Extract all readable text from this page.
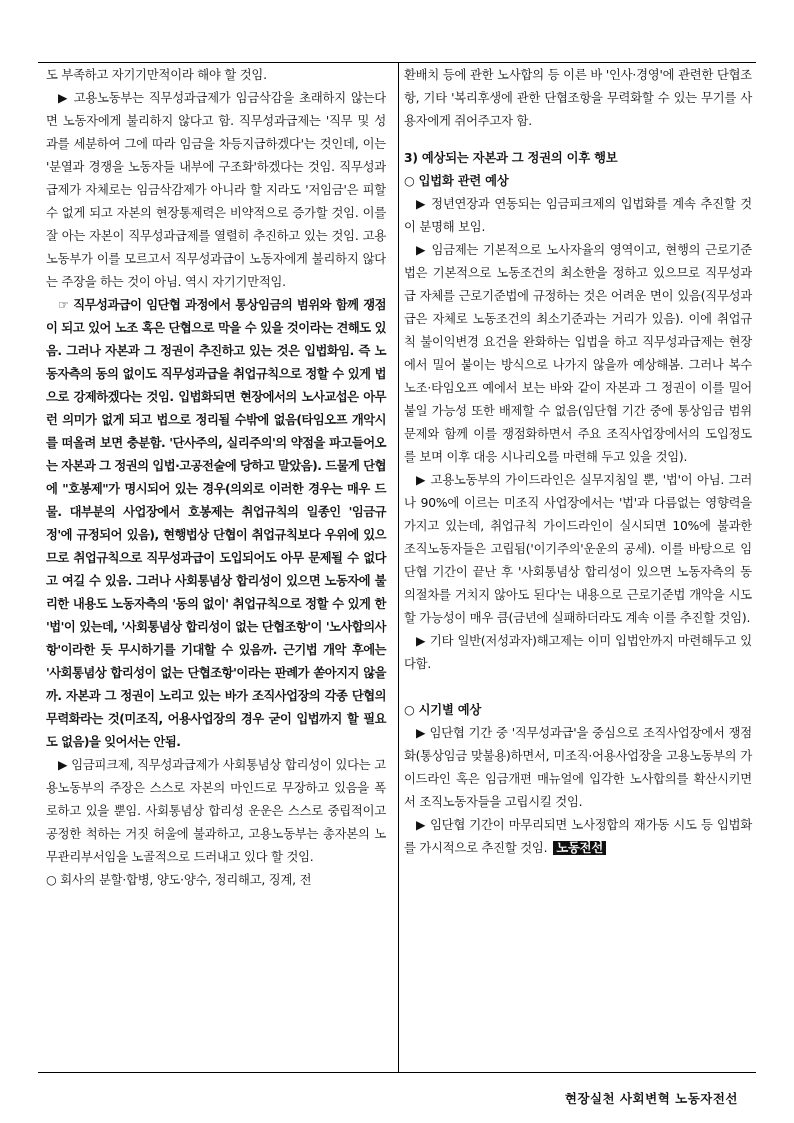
도 부족하고 자기기만적이라 해야 할 것임.

▶ 고용노동부는 직무성과급제가 임금삭감을 초래하지 않는다면 노동자에게 불리하지 않다고 함. 직무성과급제는 '직무 및 성과를 세분하여 그에 따라 임금을 차등지급하겠다'는 것인데, 이는 '분열과 경쟁을 노동자들 내부에 구조화'하겠다는 것임. 직무성과급제가 자체로는 임금삭감제가 아니라 할 지라도 '저임금'은 피할 수 없게 되고 자본의 현장통제력은 비약적으로 증가할 것임. 이를 잘 아는 자본이 직무성과급제를 열렬히 추진하고 있는 것임. 고용노동부가 이를 모르고서 직무성과급이 노동자에게 불리하지 않다는 주장을 하는 것이 아님. 역시 자기기만적임.

☞ 직무성과급이 임단협 과정에서 통상임금의 범위와 함께 쟁점이 되고 있어 노조 혹은 단협으로 막을 수 있을 것이라는 견해도 있음. 그러나 자본과 그 정권이 추진하고 있는 것은 입법화임. 즉 노동자측의 동의 없이도 직무성과급을 취업규칙으로 정할 수 있게 법으로 강제하겠다는 것임. 입법화되면 현장에서의 노사교섭은 아무런 의미가 없게 되고 법으로 정리될 수밖에 없음(타임오프 개악시를 떠올려 보면 충분함. '단사주의, 실리주의'의 약점을 파고들어오는 자본과 그 정권의 입법·고공전술에 당하고 말았음). 드물게 단협에 "호봉제"가 명시되어 있는 경우(의외로 이러한 경우는 매우 드물. 대부분의 사업장에서 호봉제는 취업규칙의 일종인 '임금규정'에 규정되어 있음), 현행법상 단협이 취업규칙보다 우위에 있으므로 취업규칙으로 직무성과급이 도입되어도 아무 문제될 수 없다고 여길 수 있음. 그러나 사회통념상 합리성이 있으면 노동자에 불리한 내용도 노동자측의 '동의 없이' 취업규칙으로 정할 수 있게 한 '법'이 있는데, '사회통념상 합리성이 없는 단협조항'이 '노사합의사항'이라한 듯 무시하기를 기대할 수 있음까. 근기법 개악 후에는 '사회통념상 합리성이 없는 단협조항'이라는 판례가 쏟아지지 않을까. 자본과 그 정권이 노리고 있는 바가 조직사업장의 각종 단협의 무력화라는 것(미조직, 어용사업장의 경우 굳이 입법까지 할 필요도 없음)을 잊어서는 안됨.

▶ 임금피크제, 직무성과급제가 사회통념상 합리성이 있다는 고용노동부의 주장은 스스로 자본의 마인드로 무장하고 있음을 폭로하고 있을 뿐임. 사회통념상 합리성 운운은 스스로 중립적이고 공정한 척하는 거짓 허울에 불과하고, 고용노동부는 총자본의 노무관리부서임을 노골적으로 드러내고 있다 할 것임.

○ 회사의 분할·합병, 양도·양수, 정리해고, 징계, 전

환배치 등에 관한 노사합의 등 이른 바 '인사·경영'에 관련한 단협조항, 기타 '복리후생에 관한 단협조항을 무력화할 수 있는 무기를 사용자에게 쥐어주고자 함.

3) 예상되는 자본과 그 정권의 이후 행보

○ 입법화 관련 예상

▶ 정년연장과 연동되는 임금피크제의 입법화를 계속 추진할 것이 분명해 보임.

▶ 임금제는 기본적으로 노사자율의 영역이고, 현행의 근로기준법은 기본적으로 노동조건의 최소한을 정하고 있으므로 직무성과급 자체를 근로기준법에 규정하는 것은 어려운 면이 있음(직무성과급은 자체로 노동조건의 최소기준과는 거리가 있음). 이에 취업규칙 불이익변경 요건을 완화하는 입법을 하고 직무성과급제는 현장에서 밀어 붙이는 방식으로 나가지 않을까 예상해봄. 그러나 복수노조·타임오프 예에서 보는 바와 같이 자본과 그 정권이 이를 밀어붙일 가능성 또한 배제할 수 없음(임단협 기간 중에 통상임금 범위 문제와 함께 이를 쟁점화하면서 주요 조직사업장에서의 도입정도를 보며 이후 대응 시나리오를 마련해 두고 있을 것임).

▶ 고용노동부의 가이드라인은 실무지침일 뿐, '법'이 아님. 그러나 90%에 이르는 미조직 사업장에서는 '법'과 다름없는 영향력을 가지고 있는데, 취업규칙 가이드라인이 실시되면 10%에 불과한 조직노동자들은 고립됨('이기주의'운운의 공세). 이를 바탕으로 임단협 기간이 끝난 후 '사회통념상 합리성이 있으면 노동자측의 동의절차를 거치지 않아도 된다'는 내용으로 근로기준법 개악을 시도할 가능성이 매우 큼(금년에 실패하더라도 계속 이를 추진할 것임).

▶ 기타 일반(저성과자)해고제는 이미 입법안까지 마련해두고 있다함.

○ 시기별 예상

▶ 임단협 기간 중 '직무성과급'을 중심으로 조직사업장에서 쟁점화(통상임금 맞불용)하면서, 미조직·어용사업장을 고용노동부의 가이드라인 혹은 임금개편 매뉴얼에 입각한 노사합의를 확산시키면서 조직노동자들을 고립시킬 것임.

▶ 임단협 기간이 마무리되면 노사정합의 재가동 시도 등 입법화를 가시적으로 추진할 것임. 노동전선

현장실천 사회변혁 노동자전선
